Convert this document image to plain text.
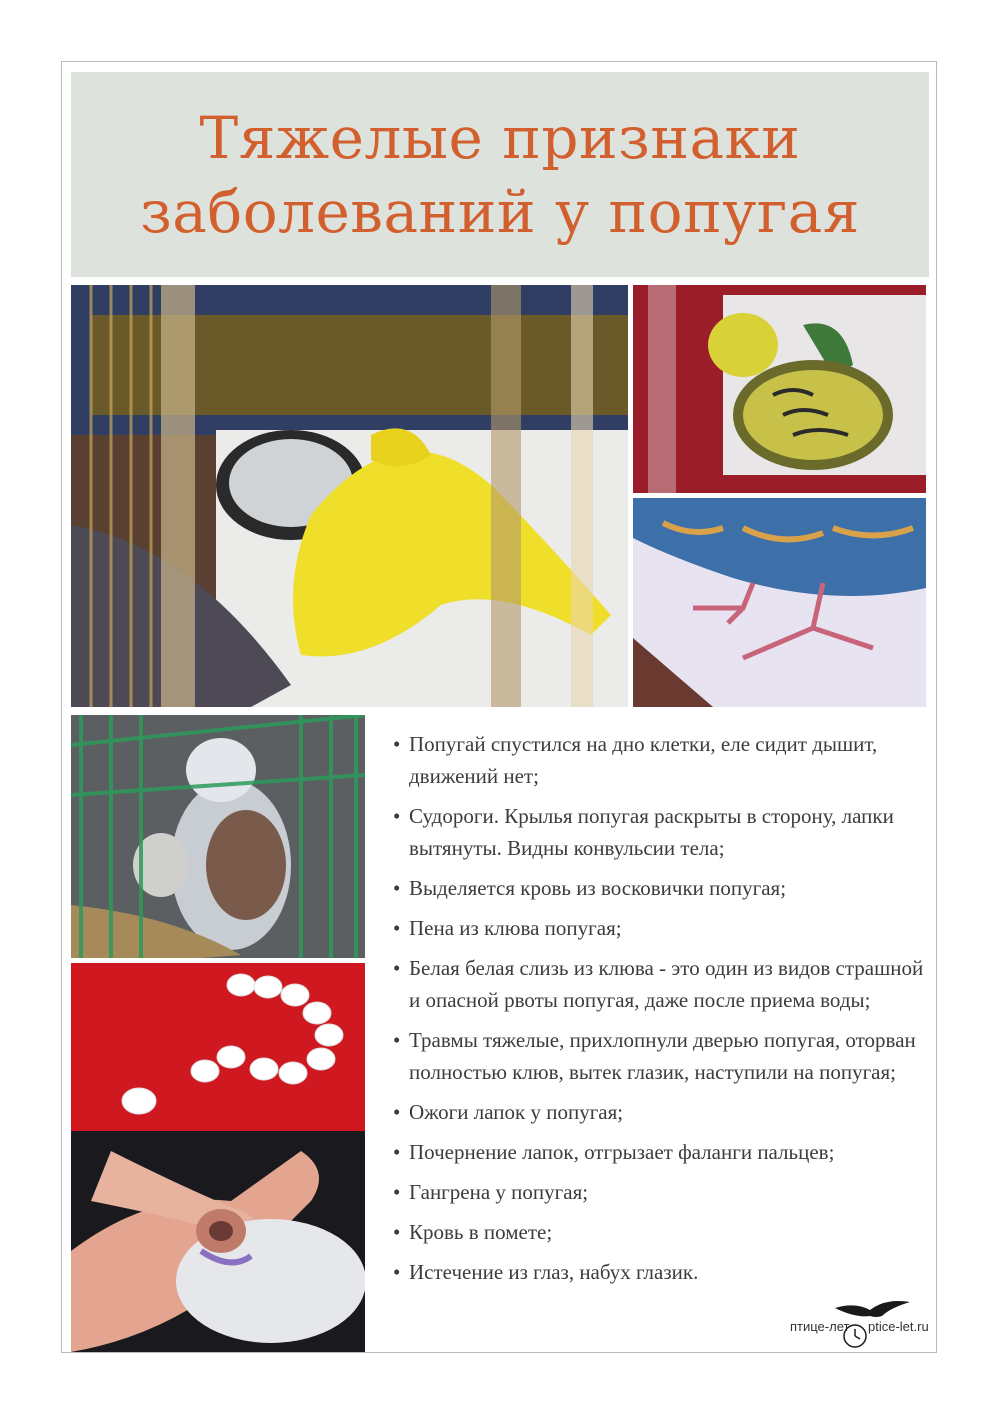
Тяжелые признаки
заболеваний у попугая
• Попугай спустился на дно клетки, еле сидит дышит, движений нет;
• Судороги. Крылья попугая раскрыты в сторону, лапки вытянуты. Видны конвульсии тела;
• Выделяется кровь из восковички попугая;
• Пена из клюва попугая;
• Белая белая слизь из клюва - это один из видов страшной и опасной рвоты попугая, даже после приема воды;
• Травмы тяжелые, прихлопнули дверью попугая, оторван полностью клюв, вытек глазик, наступили на попугая;
• Ожоги лапок у попугая;
• Почернение лапок, отгрызает фаланги пальцев;
• Гангрена у попугая;
• Кровь в помете;
• Истечение из глаз, набух глазик.
птице-лет ptice-let.ru
